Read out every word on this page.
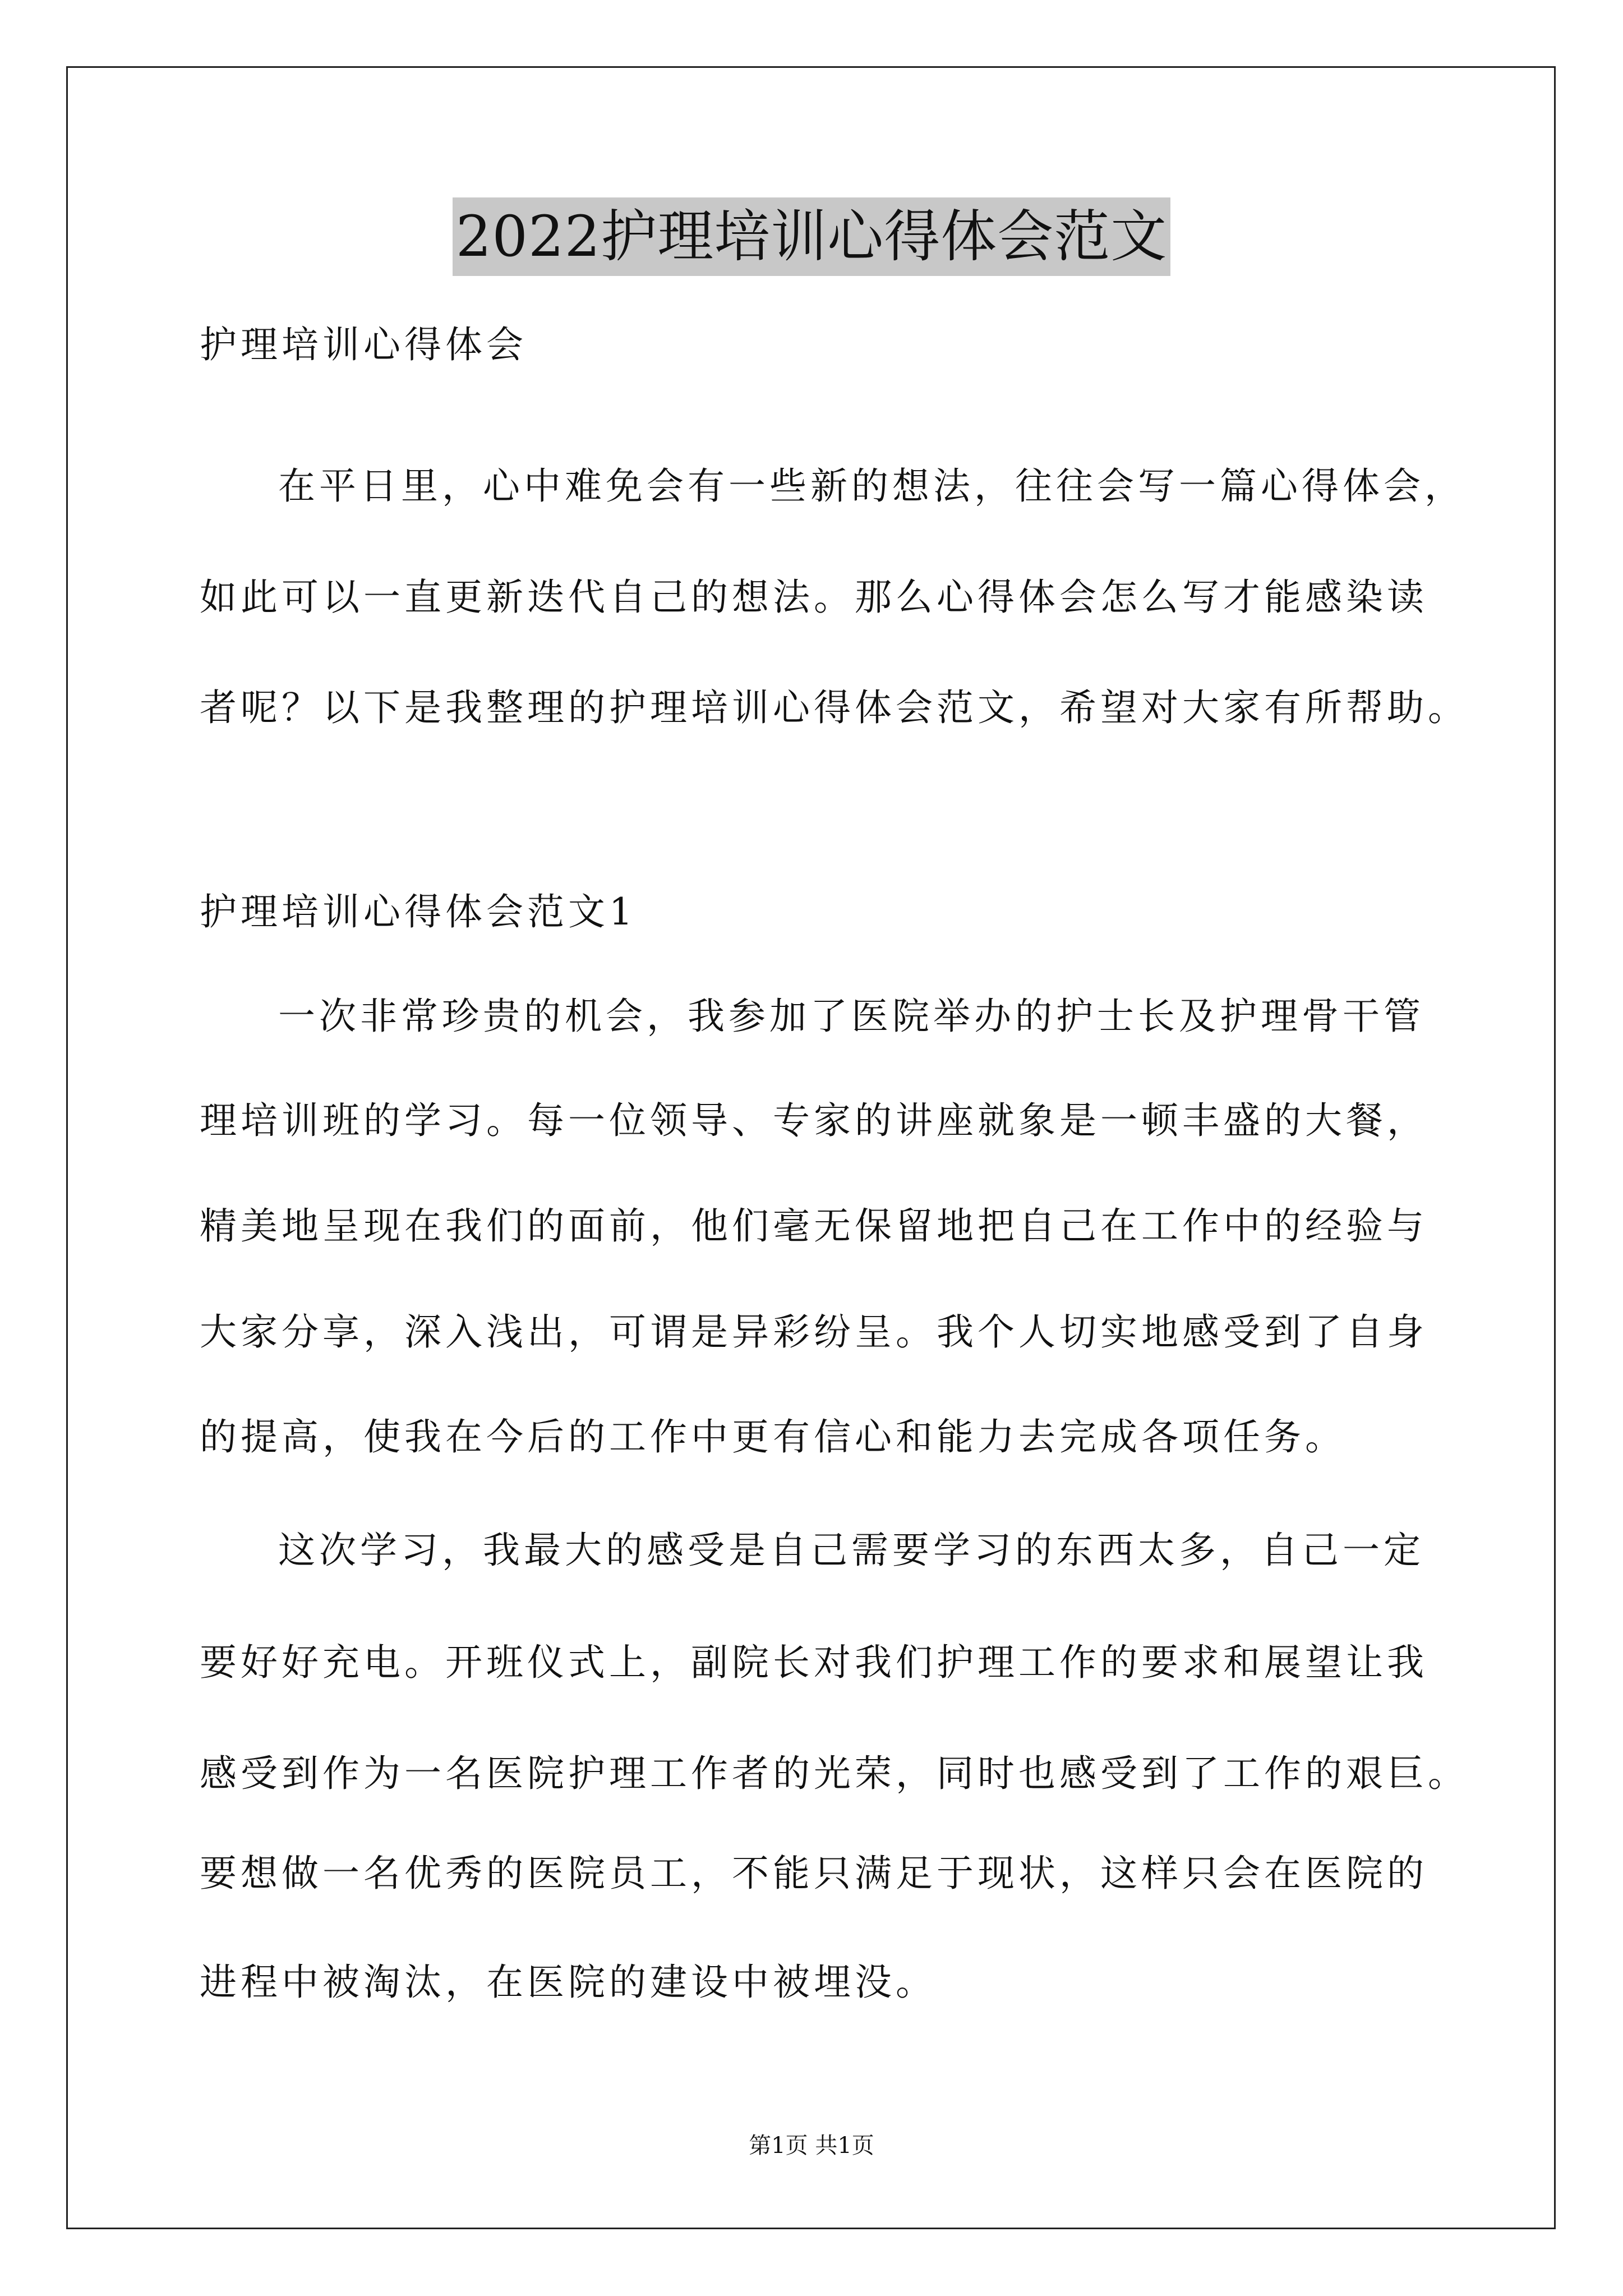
2022护理培训心得体会范文
护理培训心得体会
在平日里，心中难免会有一些新的想法，往往会写一篇心得体会，
如此可以一直更新迭代自己的想法。那么心得体会怎么写才能感染读
者呢？以下是我整理的护理培训心得体会范文，希望对大家有所帮助。
护理培训心得体会范文1
一次非常珍贵的机会，我参加了医院举办的护士长及护理骨干管
理培训班的学习。每一位领导、专家的讲座就象是一顿丰盛的大餐，
精美地呈现在我们的面前，他们毫无保留地把自己在工作中的经验与
大家分享，深入浅出，可谓是异彩纷呈。我个人切实地感受到了自身
的提高，使我在今后的工作中更有信心和能力去完成各项任务。
这次学习，我最大的感受是自己需要学习的东西太多，自己一定
要好好充电。开班仪式上，副院长对我们护理工作的要求和展望让我
感受到作为一名医院护理工作者的光荣，同时也感受到了工作的艰巨。
要想做一名优秀的医院员工，不能只满足于现状，这样只会在医院的
进程中被淘汰，在医院的建设中被埋没。
第1页 共1页
